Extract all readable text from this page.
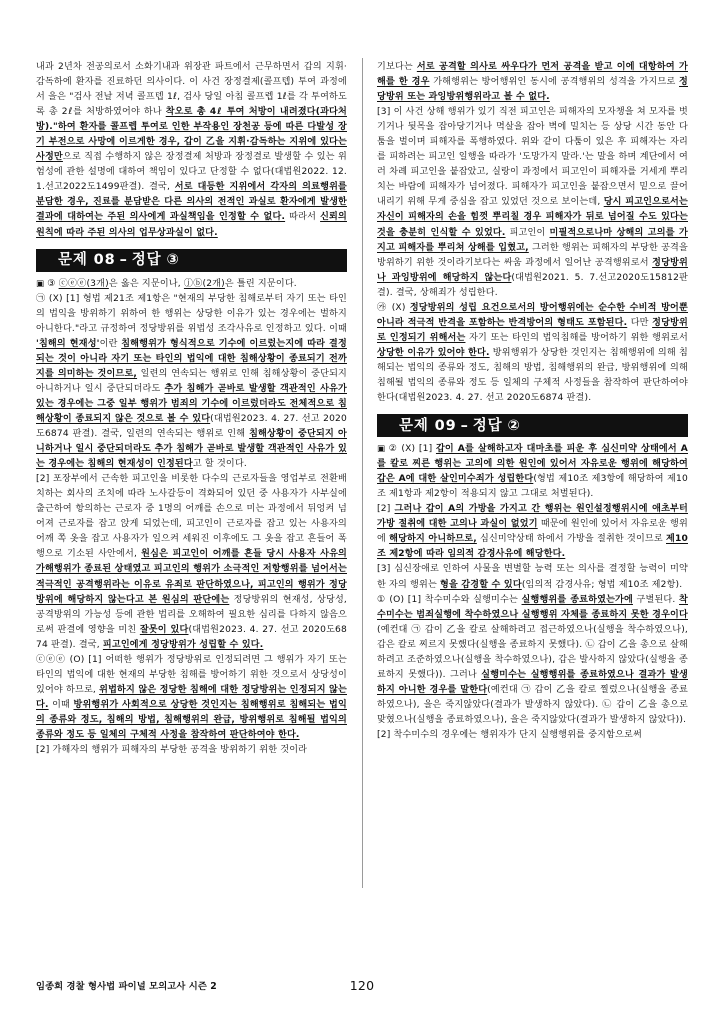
내과 2년차 전공의로서 소화기내과 위장관 파트에서 근무하면서 갑의 지휘·감독하에 환자를 진료하던 의사이다. 이 사건 장정결제(콜프텝) 투여 과정에서 을은 "검사 전날 저녁 콜프텝 1ℓ, 검사 당일 아침 콜프렙 1ℓ를 각 투여하도록 총 2ℓ를 처방하였어야 하나 착오로 총 4ℓ 투여 처방이 내려졌다(과다처방)."하여 환자를 콜프렙 투여로 인한 부작용인 장천공 등에 따른 다발성 장기 부전으로 사망에 이르게한 경우, 갑이 乙을 지휘·감독하는 지위에 있다는 사정만으로 직접 수행하지 않은 장정결제 처방과 장정결로 발생할 수 있는 위험성에 관한 설명에 대하여 책임이 있다고 단정할 수 없다(대법원2022. 12. 1.선고2022도1499판결). 결국, 서로 대등한 지위에서 각자의 의료행위를 분담한 경우, 진료를 분담받은 다른 의사의 전적인 과실로 환자에게 발생한 결과에 대하여는 주된 의사에게 과실책임을 인정할 수 없다. 따라서 신뢰의 원칙에 따라 주된 의사의 업무상과실이 없다.

문제 08 – 정답 ③

▣ ③ ⓒⓔⓔ(3개)은 옳은 지문이나, ⓙⓑ(2개)은 틀린 지문이다.

㉠ (X) [1] 형법 제21조 제1항은 "현재의 부당한 침해로부터 자기 또는 타인의 법익을 방위하기 위하여 한 행위는 상당한 이유가 있는 경우에는 벌하지 아니한다."라고 규정하여 정당방위를 위법성 조각사유로 인정하고 있다. 이때 '침해의 현재성'이란 침해행위가 형식적으로 기수에 이르렀는지에 따라 결정되는 것이 아니라 자기 또는 타인의 법익에 대한 침해상황이 종료되기 전까지를 의미하는 것이므로, 일련의 연속되는 행위로 인해 침해상황이 중단되지 아니하거나 일시 중단되더라도 추가 침해가 곧바로 발생할 객관적인 사유가 있는 경우에는 그중 일부 행위가 범죄의 기수에 이르렀더라도 전체적으로 침해상황이 종료되지 않은 것으로 볼 수 있다(대법원2023. 4. 27. 선고 2020도6874 판결). 결국, 일련의 연속되는 행위로 인해 침해상황이 중단되지 아니하거나 일시 중단되더라도 추가 침해가 곧바로 발생할 객관적인 사유가 있는 경우에는 침해의 현재성이 인정된다고 할 것이다.

[2] 포장부에서 근속한 피고인을 비롯한 다수의 근로자들을 영업부로 전환배치하는 회사의 조치에 따라 노사갈등이 격화되어 있던 중 사용자가 사부실에 출근하여 항의하는 근로자 중 1명의 어깨를 손으로 미는 과정에서 뒤엉켜 넘어져 근로자를 잡고 앉게 되었는데, 피고인이 근로자를 잡고 있는 사용자의 어깨 쪽 옷을 잡고 사용자가 일으켜 세워진 이후에도 그 옷을 잡고 흔들어 폭행으로 기소된 사안에서, 원심은 피고인이 어깨를 흔들 당시 사용자 사유의 가해행위가 종료된 상태였고 피고인의 행위가 소극적인 저항행위를 넘어서는 적극적인 공격행위라는 이유로 유죄로 판단하였으나, 피고인의 행위가 정당방위에 해당하지 않는다고 본 원심의 판단에는 정당방위의 현재성, 상당성, 공격방위의 가능성 등에 관한 법리를 오해하여 필요한 심리를 다하지 않음으로써 판결에 영향을 미친 잘못이 있다(대법원2023. 4. 27. 선고 2020도6874 판결). 결국, 피고인에게 정당방위가 성립할 수 있다.

ⓒⓔⓔ (O) [1] 어떠한 행위가 정당방위로 인정되려면 그 행위가 자기 또는 타인의 법익에 대한 현재의 부당한 침해를 방어하기 위한 것으로서 상당성이 있어야 하므로, 위법하지 않은 정당한 침해에 대한 정당방위는 인정되지 않는다. 이때 방위행위가 사회적으로 상당한 것인지는 침해행위로 침해되는 법익의 종류와 정도, 침해의 방법, 침해행위의 완급, 방위행위로 침해될 법익의 종류와 정도 등 일체의 구체적 사정을 참작하여 판단하여야 한다.

[2] 가해자의 행위가 피해자의 부당한 공격을 방위하기 위한 것이라

기보다는 서로 공격할 의사로 싸우다가 먼저 공격을 받고 이에 대항하여 가해를 한 경우 가해행위는 방어행위인 동시에 공격행위의 성격을 가지므로 정당방위 또는 과잉방위행위라고 볼 수 없다.

[3] 이 사건 상해 행위가 있기 직전 피고인은 피해자의 모자챙을 쳐 모자를 벗기거나 뒷목을 잡아당기거나 멱살을 잡아 벽에 밀치는 등 상당 시간 동안 다툼을 벌이며 피해자를 폭행하였다. 위와 같이 다툼이 있은 후 피해자는 자리를 피하려는 피고인 일행을 따라가 '도망가지 말라.'는 말을 하며 계단에서 여러 차례 피고인을 붙잡았고, 실랑이 과정에서 피고인이 피해자를 거세게 뿌리치는 바람에 피해자가 넘어졌다. 피해자가 피고인을 붙잡으면서 밑으로 끌어내리기 위해 무게 중심을 잡고 있었던 것으로 보이는데, 당시 피고인으로서는 자신이 피해자의 손을 힘껏 뿌리칠 경우 피해자가 뒤로 넘어질 수도 있다는 것을 충분히 인식할 수 있었다. 피고인이 미필적으로나마 상해의 고의를 가지고 피해자를 뿌리쳐 상해를 입혔고, 그러한 행위는 피해자의 부당한 공격을 방위하기 위한 것이라기보다는 싸움 과정에서 일어난 공격행위로서 정당방위나 과잉방위에 해당하지 않는다(대법원2021. 5. 7.선고2020도15812판결). 결국, 상해죄가 성립한다.

㉮ (X) 정당방위의 성립 요건으로서의 방어행위에는 순수한 수비적 방어뿐 아니라 적극적 반격을 포함하는 반격방어의 형태도 포함된다. 다만 정당방위로 인정되기 위해서는 자기 또는 타인의 법익침해를 방어하기 위한 행위로서 상당한 이유가 있어야 한다. 방위행위가 상당한 것인지는 침해행위에 의해 침해되는 법익의 종류와 정도, 침해의 방법, 침해행위의 완급, 방위행위에 의해 침해될 법익의 종류와 정도 등 일체의 구체적 사정들을 참작하여 판단하여야 한다(대법원2023. 4. 27. 선고 2020도6874 판결).

문제 09 – 정답 ②

▣ ② (X) [1] 갑이 A를 살해하고자 대마초를 피운 후 심신미약 상태에서 A를 칼로 찌른 행위는 고의에 의한 원인에 있어서 자유로운 행위에 해당하여 갑은 A에 대한 살인미수죄가 성립한다(형법 제10조 제3항에 해당하여 제10조 제1항과 제2항이 적용되지 않고 그대로 처벌된다).

[2] 그러나 갑이 A의 가방을 가지고 간 행위는 원인설정행위시에 애초부터 가방 절취에 대한 고의나 과실이 없었기 때문에 원인에 있어서 자유로운 행위에 해당하지 아니하므로, 심신미약상태 하에서 가방을 절취한 것이므로 제10조 제2항에 따라 임의적 감경사유에 해당한다.

[3] 심신장애로 인하여 사물을 변별할 능력 또는 의사를 결정할 능력이 미약한 자의 행위는 형을 감경할 수 있다(임의적 감경사유; 형법 제10조 제2항).

① (O) [1] 착수미수와 실행미수는 실행행위를 종료하였는가에 구별된다. 착수미수는 범죄실행에 착수하였으나 실행행위 자체를 종료하지 못한 경우이다(예컨대 ㉠ 갑이 乙을 칼로 살해하려고 접근하였으나(실행을 착수하였으나), 갑은 칼로 찌르지 못했다(실행을 종료하지 못했다). ㉡ 갑이 乙을 총으로 살해하려고 조준하였으나(실행을 착수하였으나), 갑은 발사하지 않았다(실행을 종료하지 못했다)). 그러나 실행미수는 실행행위를 종료하였으나 결과가 발생하지 아니한 경우를 말한다(예컨대 ㉠ 갑이 乙을 칼로 찔렀으나(실행을 종료하였으나), 을은 죽지않았다(결과가 발생하지 않았다). ㉡ 갑이 乙을 총으로 맞혔으나(실행을 종료하였으나), 을은 죽지않았다(결과가 발생하지 않았다)).

[2] 착수미수의 경우에는 행위자가 단지 실행행위를 중지함으로써

임종희 경찰 형사법 파이널 모의고사 시즌 2	120
